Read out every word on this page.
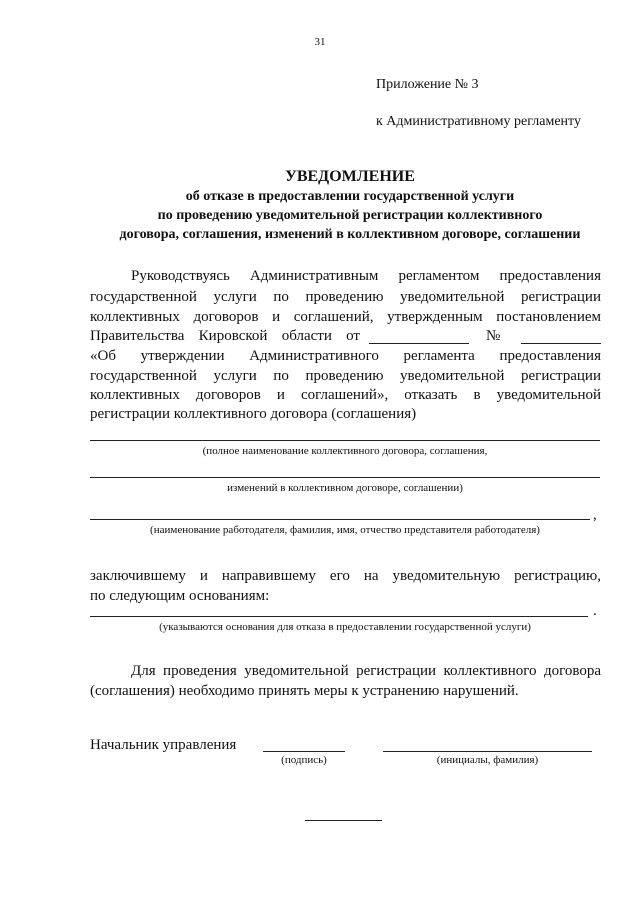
31
Приложение № 3
к Административному регламенту
УВЕДОМЛЕНИЕ
об отказе в предоставлении государственной услуги
по проведению уведомительной регистрации коллективного
договора, соглашения, изменений в коллективном договоре, соглашении
Руководствуясь Административным регламентом предоставления
государственной услуги по проведению уведомительной регистрации
коллективных договоров и соглашений, утвержденным постановлением
Правительства Кировской области от	№
«Об утверждении Административного регламента предоставления
государственной услуги по проведению уведомительной регистрации
коллективных договоров и соглашений», отказать в уведомительной
регистрации коллективного договора (соглашения)
(полное наименование коллективного договора, соглашения,
изменений в коллективном договоре, соглашении)
,
(наименование работодателя, фамилия, имя, отчество представителя работодателя)
заключившему и направившему его на уведомительную регистрацию,
по следующим основаниям:
.
(указываются основания для отказа в предоставлении государственной услуги)
Для проведения уведомительной регистрации коллективного договора
(соглашения) необходимо принять меры к устранению нарушений.
Начальник управления
(подпись)	(инициалы, фамилия)
